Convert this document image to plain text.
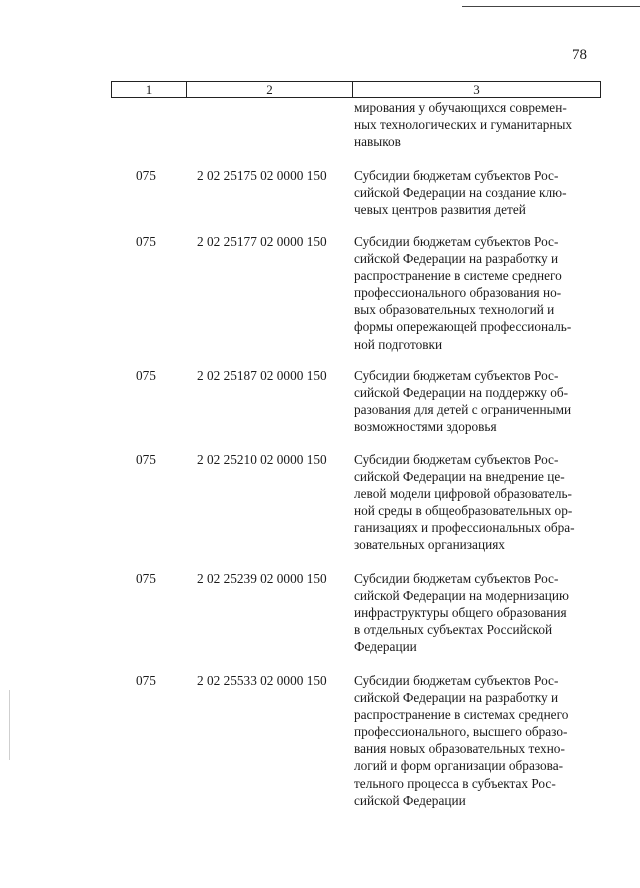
78
1	2	3
мирования у обучающихся современ-
ных технологических и гуманитарных
навыков
075	2 02 25175 02 0000 150 Субсидии бюджетам субъектов Рос-
сийской Федерации на создание клю-
чевых центров развития детей
075	2 02 25177 02 0000 150 Субсидии бюджетам субъектов Рос-
сийской Федерации на разработку и
распространение в системе среднего
профессионального образования но-
вых образовательных технологий и
формы опережающей профессиональ-
ной подготовки
075	2 02 25187 02 0000 150 Субсидии бюджетам субъектов Рос-
сийской Федерации на поддержку об-
разования для детей с ограниченными
возможностями здоровья
075	2 02 25210 02 0000 150 Субсидии бюджетам субъектов Рос-
сийской Федерации на внедрение це-
левой модели цифровой образователь-
ной среды в общеобразовательных ор-
ганизациях и профессиональных обра-
зовательных организациях
075	2 02 25239 02 0000 150 Субсидии бюджетам субъектов Рос-
сийской Федерации на модернизацию
инфраструктуры общего образования
в отдельных субъектах Российской
Федерации
075	2 02 25533 02 0000 150 Субсидии бюджетам субъектов Рос-
сийской Федерации на разработку и
распространение в системах среднего
профессионального, высшего образо-
вания новых образовательных техно-
логий и форм организации образова-
тельного процесса в субъектах Рос-
сийской Федерации
